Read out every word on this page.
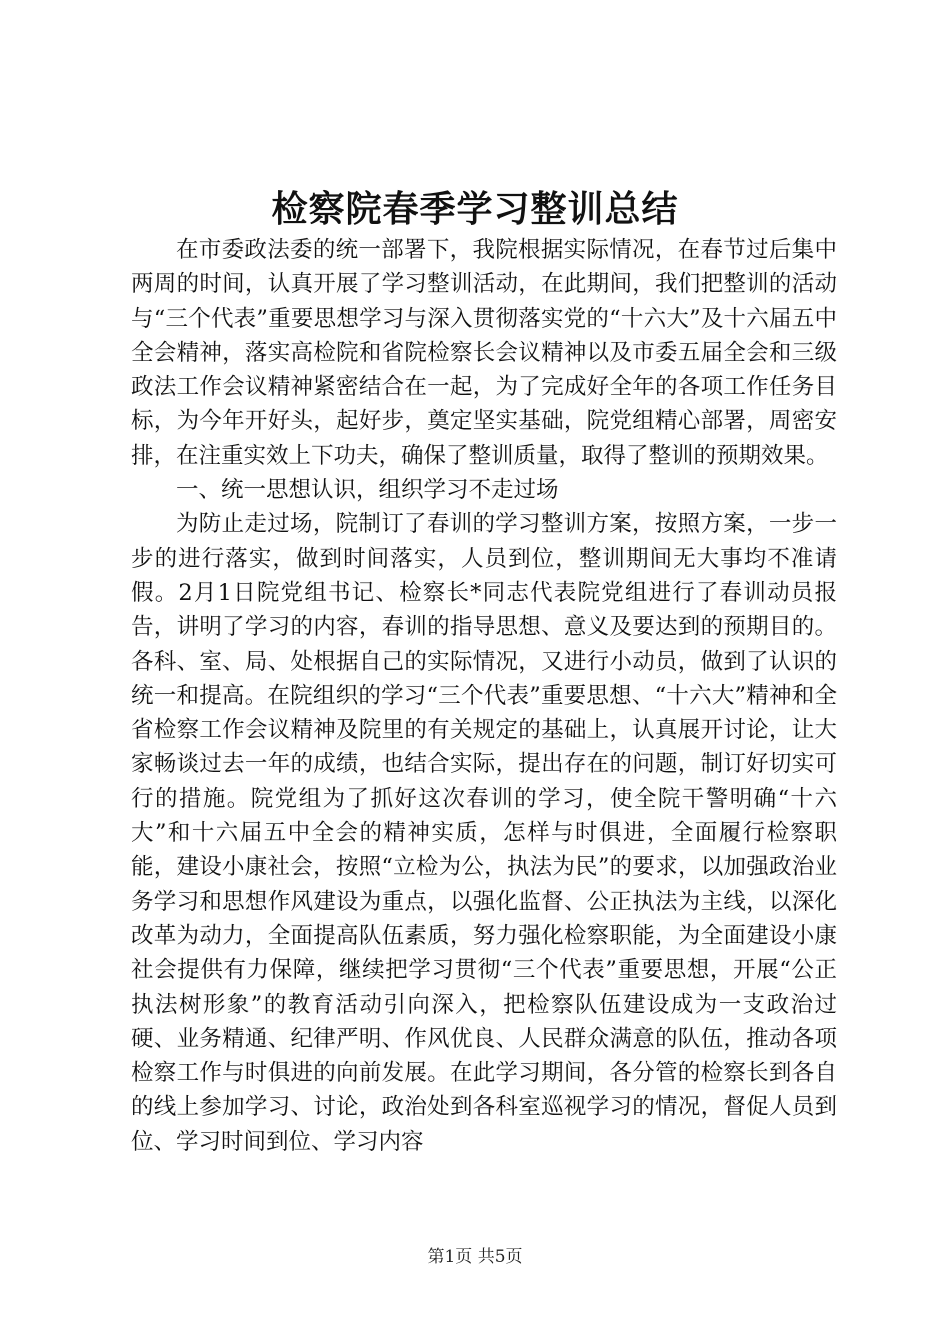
检察院春季学习整训总结

在市委政法委的统一部署下，我院根据实际情况，在春节过后集中两周的时间，认真开展了学习整训活动，在此期间，我们把整训的活动与“三个代表”重要思想学习与深入贯彻落实党的“十六大”及十六届五中全会精神，落实高检院和省院检察长会议精神以及市委五届全会和三级政法工作会议精神紧密结合在一起，为了完成好全年的各项工作任务目标，为今年开好头，起好步，奠定坚实基础，院党组精心部署，周密安排，在注重实效上下功夫，确保了整训质量，取得了整训的预期效果。

一、统一思想认识，组织学习不走过场

为防止走过场，院制订了春训的学习整训方案，按照方案，一步一步的进行落实，做到时间落实，人员到位，整训期间无大事均不准请假。2月1日院党组书记、检察长*同志代表院党组进行了春训动员报告，讲明了学习的内容，春训的指导思想、意义及要达到的预期目的。各科、室、局、处根据自己的实际情况，又进行小动员，做到了认识的统一和提高。在院组织的学习“三个代表”重要思想、“十六大”精神和全省检察工作会议精神及院里的有关规定的基础上，认真展开讨论，让大家畅谈过去一年的成绩，也结合实际，提出存在的问题，制订好切实可行的措施。院党组为了抓好这次春训的学习，使全院干警明确“十六大”和十六届五中全会的精神实质，怎样与时俱进，全面履行检察职能，建设小康社会，按照“立检为公，执法为民”的要求，以加强政治业务学习和思想作风建设为重点，以强化监督、公正执法为主线，以深化改革为动力，全面提高队伍素质，努力强化检察职能，为全面建设小康社会提供有力保障，继续把学习贯彻“三个代表”重要思想，开展“公正执法树形象”的教育活动引向深入，把检察队伍建设成为一支政治过硬、业务精通、纪律严明、作风优良、人民群众满意的队伍，推动各项检察工作与时俱进的向前发展。在此学习期间，各分管的检察长到各自的线上参加学习、讨论，政治处到各科室巡视学习的情况，督促人员到位、学习时间到位、学习内容

第1页 共5页
